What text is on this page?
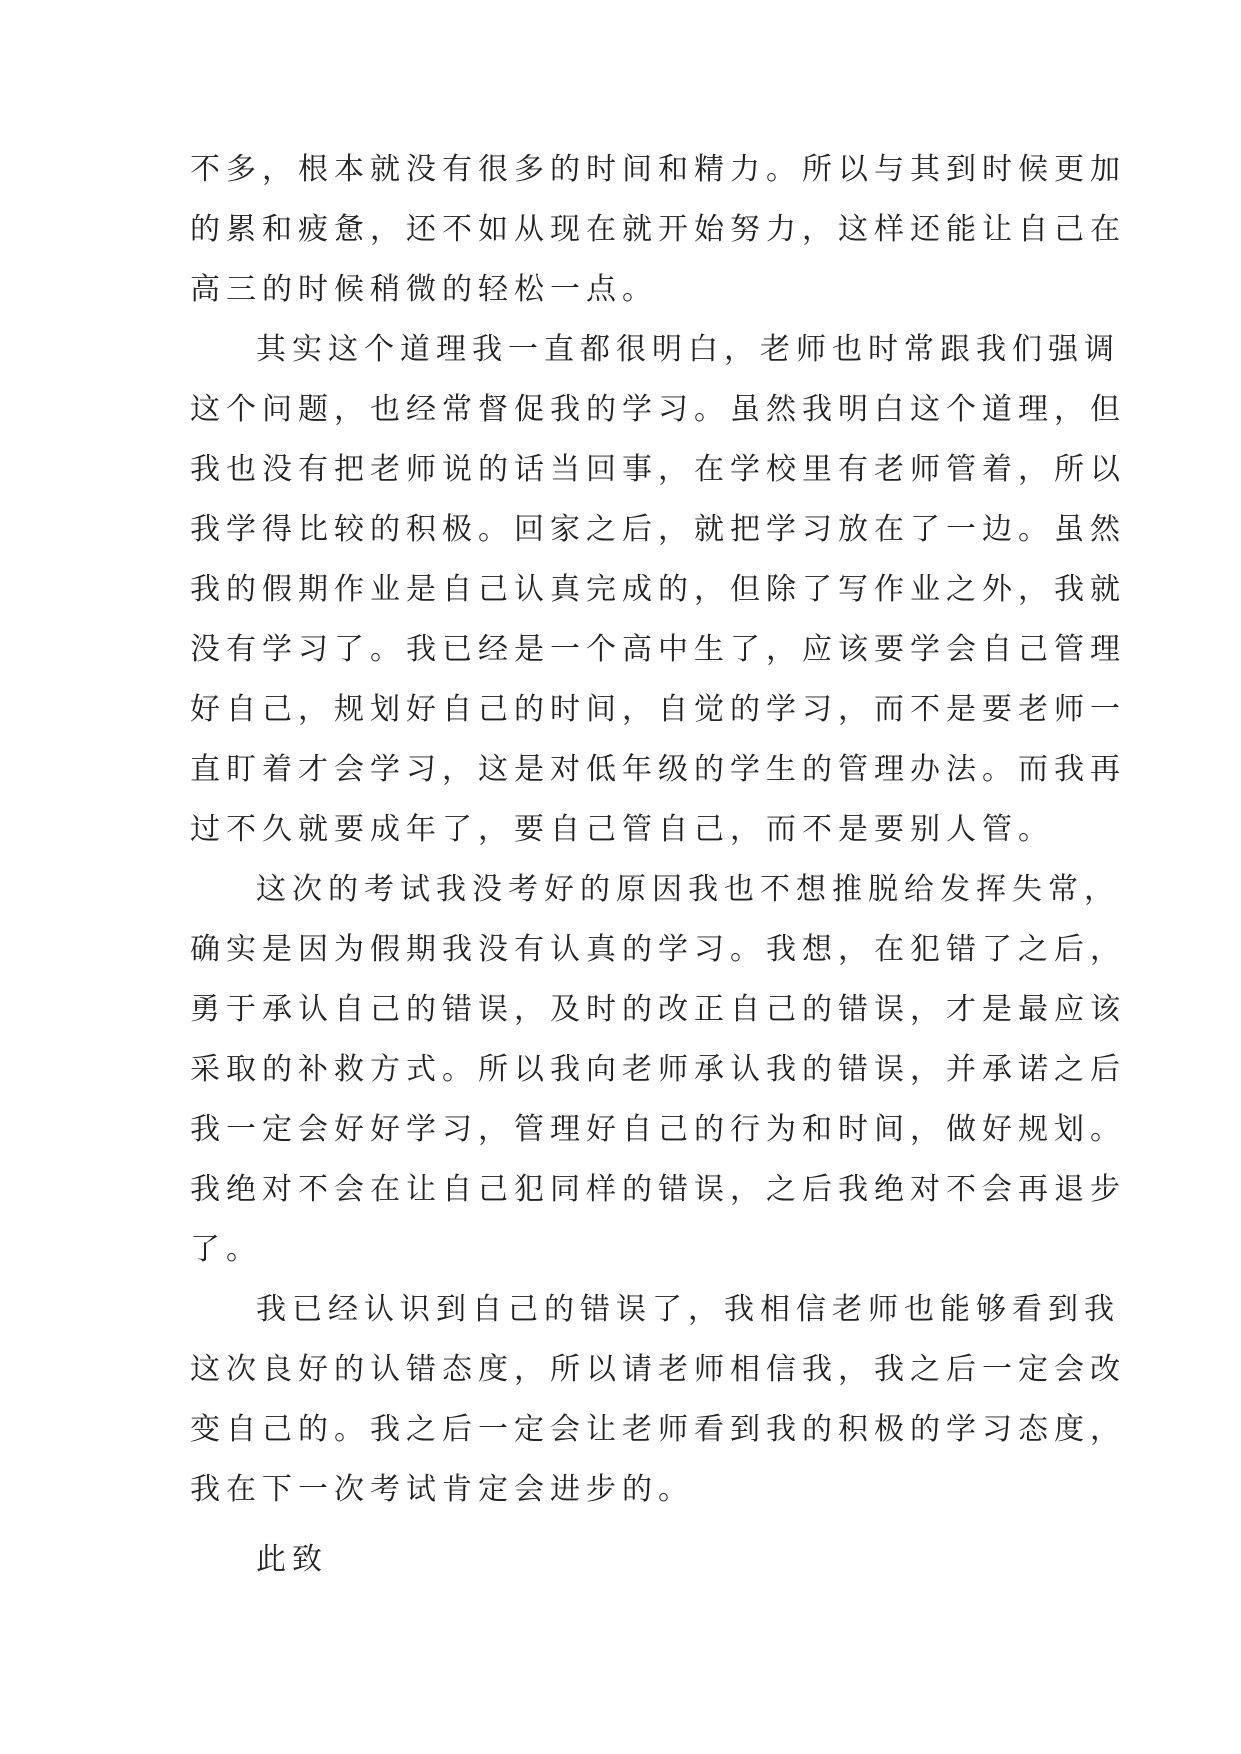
不多，根本就没有很多的时间和精力。所以与其到时候更加
的累和疲惫，还不如从现在就开始努力，这样还能让自己在
高三的时候稍微的轻松一点。
其实这个道理我一直都很明白，老师也时常跟我们强调
这个问题，也经常督促我的学习。虽然我明白这个道理，但
我也没有把老师说的话当回事，在学校里有老师管着，所以
我学得比较的积极。回家之后，就把学习放在了一边。虽然
我的假期作业是自己认真完成的，但除了写作业之外，我就
没有学习了。我已经是一个高中生了，应该要学会自己管理
好自己，规划好自己的时间，自觉的学习，而不是要老师一
直盯着才会学习，这是对低年级的学生的管理办法。而我再
过不久就要成年了，要自己管自己，而不是要别人管。
这次的考试我没考好的原因我也不想推脱给发挥失常，
确实是因为假期我没有认真的学习。我想，在犯错了之后，
勇于承认自己的错误，及时的改正自己的错误，才是最应该
采取的补救方式。所以我向老师承认我的错误，并承诺之后
我一定会好好学习，管理好自己的行为和时间，做好规划。
我绝对不会在让自己犯同样的错误，之后我绝对不会再退步
了。
我已经认识到自己的错误了，我相信老师也能够看到我
这次良好的认错态度，所以请老师相信我，我之后一定会改
变自己的。我之后一定会让老师看到我的积极的学习态度，
我在下一次考试肯定会进步的。
此致
